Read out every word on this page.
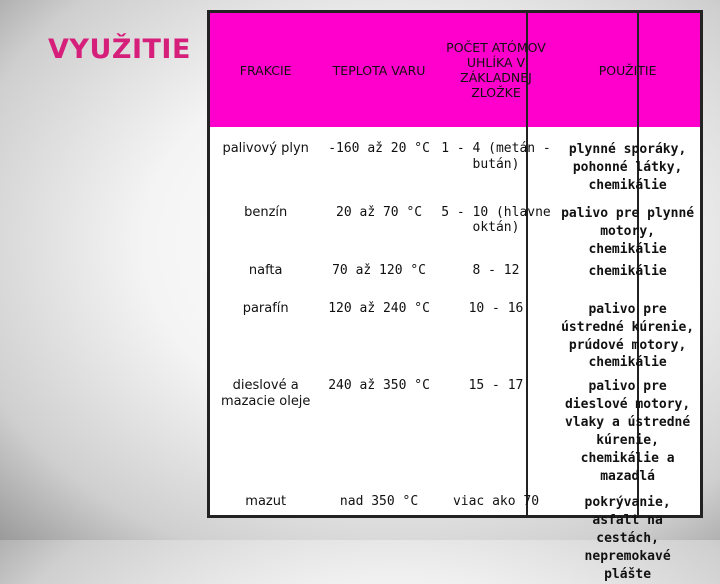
VYUŽITIE
FRAKCIE	TEPLOTA VARU	POČET ATÓMOV UHLÍKA V ZÁKLADNEJ ZLOŽKE	POUŽITIE
palivový plyn	-160 až 20 °C	1 - 4 (metán - bután)	plynné sporáky, pohonné látky, chemikálie
benzín	20 až 70 °C	5 - 10 (hlavne oktán)	palivo pre plynné motory, chemikálie
nafta	70 až 120 °C	8 - 12	chemikálie
parafín	120 až 240 °C	10 - 16	palivo pre ústredné kúrenie, prúdové motory, chemikálie
dieslové a mazacie oleje	240 až 350 °C	15 - 17	palivo pre dieslové motory, vlaky a ústredné kúrenie, chemikálie a mazadlá
mazut	nad 350 °C	viac ako 70	pokrývanie, asfalt na cestách, nepremokavé plášte
